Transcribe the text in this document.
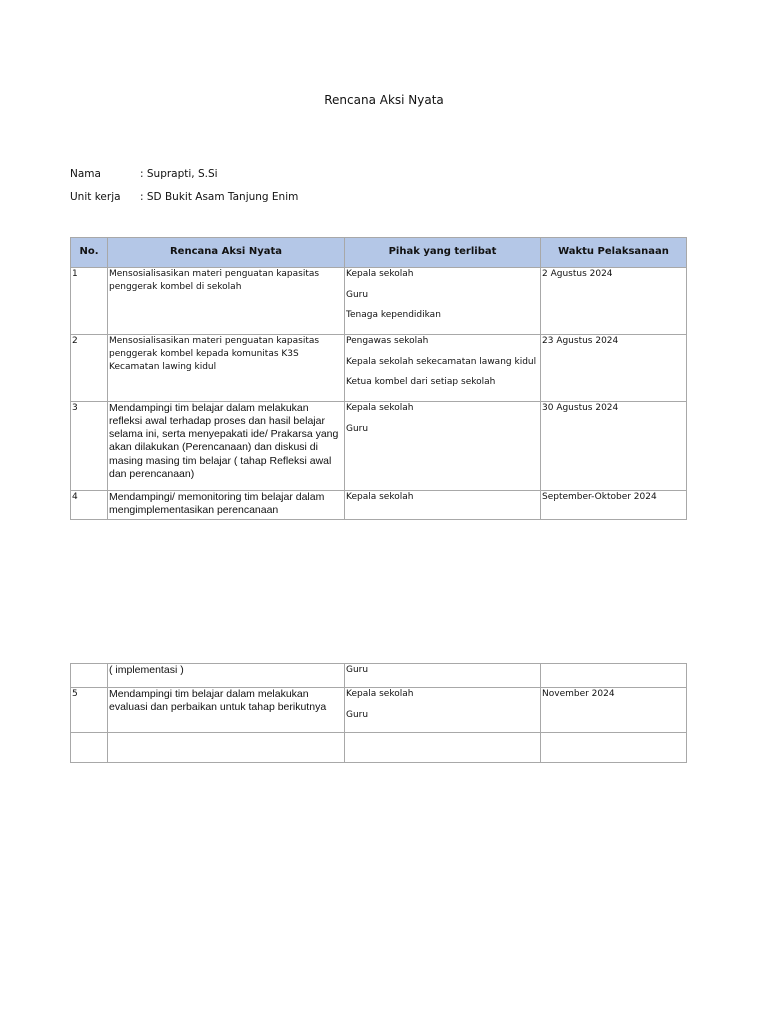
Rencana Aksi Nyata
Nama	: Suprapti, S.Si
Unit kerja : SD Bukit Asam Tanjung Enim
No.	Rencana Aksi Nyata	Pihak yang terlibat	Waktu Pelaksanaan
1	Mensosialisasikan materi penguatan kapasitas penggerak kombel di sekolah	Kepala sekolah
Guru
Tenaga kependidikan	2 Agustus 2024
2	Mensosialisasikan materi penguatan kapasitas penggerak kombel kepada komunitas K3S Kecamatan lawing kidul	Pengawas sekolah
Kepala sekolah sekecamatan lawang kidul
Ketua kombel dari setiap sekolah	23 Agustus 2024
3	Mendampingi tim belajar dalam melakukan refleksi awal terhadap proses dan hasil belajar selama ini, serta menyepakati ide/ Prakarsa yang akan dilakukan (Perencanaan) dan diskusi di masing masing tim belajar ( tahap Refleksi awal dan perencanaan)	Kepala sekolah
Guru	30 Agustus 2024
4	Mendampingi/ memonitoring tim belajar dalam mengimplementasikan perencanaan	Kepala sekolah	September-Oktober 2024
	( implementasi )	Guru	

5	Mendampingi tim belajar dalam melakukan evaluasi dan perbaikan untuk tahap berikutnya	Kepala sekolah
Guru	November 2024
